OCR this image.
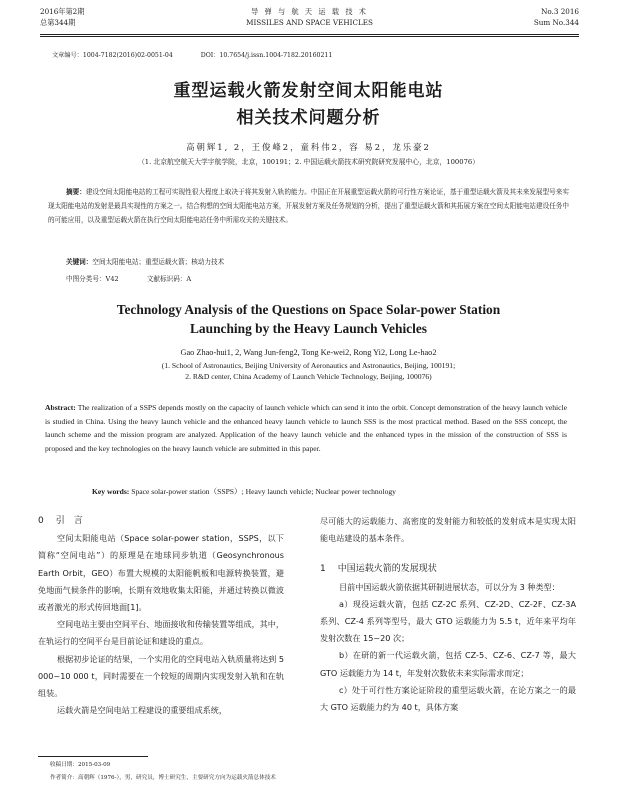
2016年第2期
总第344期
导 弹 与 航 天 运 载 技 术
MISSILES AND SPACE VEHICLES
No.3 2016
Sum No.344
文章编号：1004-7182(2016)02-0051-04	DOI：10.7654/j.issn.1004-7182.20160211
重型运载火箭发射空间太阳能电站
相关技术问题分析
高朝辉1, 2，王俊峰2，童科伟2，容 易2，龙乐豪2
（1. 北京航空航天大学宇航学院，北京，100191；2. 中国运载火箭技术研究院研究发展中心，北京，100076）
摘要：建设空间太阳能电站的工程可实现性很大程度上取决于将其发射入轨的能力。中国正在开展重型运载火箭的可行性方案论证，基于重型运载火箭及其未来发展型号来实现太阳能电站的发射是最具实现性的方案之一。结合构想的空间太阳能电站方案，开展发射方案及任务规划的分析，提出了重型运载火箭和其拓展方案在空间太阳能电站建设任务中的可能应用，以及重型运载火箭在执行空间太阳能电站任务中所需攻关的关键技术。
关键词：空间太阳能电站；重型运载火箭；核动力技术
中图分类号：V42	文献标识码：A
Technology Analysis of the Questions on Space Solar-power Station
Launching by the Heavy Launch Vehicles
Gao Zhao-hui1, 2, Wang Jun-feng2, Tong Ke-wei2, Rong Yi2, Long Le-hao2
(1. School of Astronautics, Beijing University of Aeronautics and Astronautics, Beijing, 100191;
2. R&D center, China Academy of Launch Vehicle Technology, Beijing, 100076)
Abstract: The realization of a SSPS depends mostly on the capacity of launch vehicle which can send it into the orbit. Concept demonstration of the heavy launch vehicle is studied in China. Using the heavy launch vehicle and the enhanced heavy launch vehicle to launch SSS is the most practical method. Based on the SSS concept, the launch scheme and the mission program are analyzed. Application of the heavy launch vehicle and the enhanced types in the mission of the construction of SSS is proposed and the key technologies on the heavy launch vehicle are submitted in this paper.
Key words: Space solar-power station（SSPS）; Heavy launch vehicle; Nuclear power technology

0 引　言

空间太阳能电站（Space solar-power station，SSPS，以下简称“空间电站”）的原理是在地球同步轨道（Geosynchronous Earth Orbit，GEO）布置大规模的太阳能帆板和电源转换装置，避免地面气候条件的影响，长期有效地收集太阳能，并通过转换以微波或者激光的形式传回地面[1]。

空间电站主要由空间平台、地面接收和传输装置等组成，其中，在轨运行的空间平台是目前论证和建设的重点。

根据初步论证的结果，一个实用化的空间电站入轨质量将达到 5 000~10 000 t，同时需要在一个较短的周期内实现发射入轨和在轨组装。

运载火箭是空间电站工程建设的重要组成系统，

尽可能大的运载能力、高密度的发射能力和较低的发射成本是实现太阳能电站建设的基本条件。

1 中国运载火箭的发展现状

目前中国运载火箭依据其研制进展状态，可以分为 3 种类型：

a）现役运载火箭，包括 CZ-2C 系列、CZ-2D、CZ-2F、CZ-3A 系列、CZ-4 系列等型号，最大 GTO 运载能力为 5.5 t，近年来平均年发射次数在 15~20 次；

b）在研的新一代运载火箭，包括 CZ-5、CZ-6、CZ-7 等，最大 GTO 运载能力为 14 t，年发射次数依未来实际需求而定；

c）处于可行性方案论证阶段的重型运载火箭，在论方案之一的最大 GTO 运载能力约为 40 t，具体方案

收稿日期：2015-03-09
作者简介：高朝辉（1976-），男，研究员，博士研究生，主要研究方向为运载火箭总体技术
